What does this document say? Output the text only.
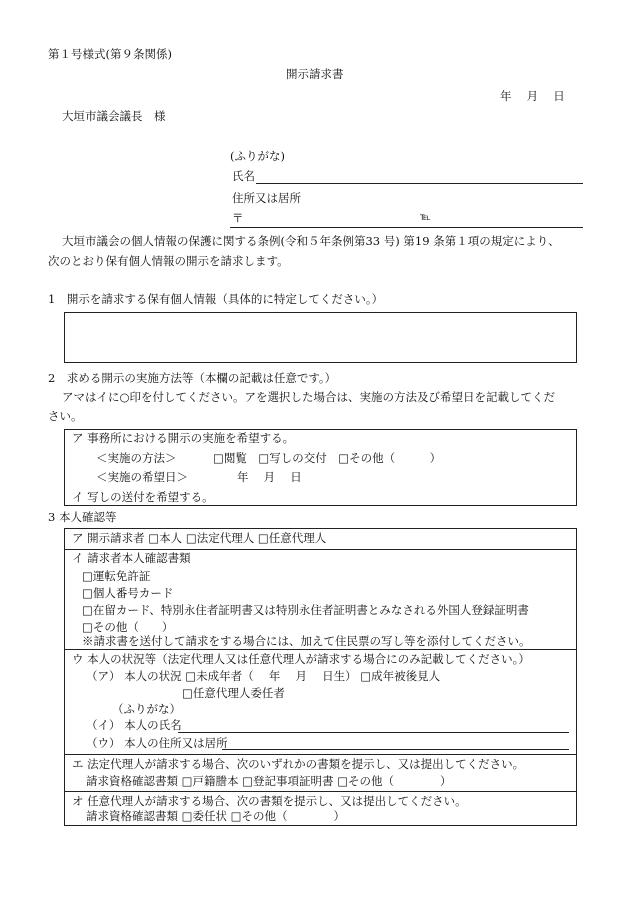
第１号様式(第９条関係)
開示請求書
年　 月　 日
大垣市議会議長　様
(ふりがな)
氏名
住所又は居所
〒	℡
大垣市議会の個人情報の保護に関する条例(令和５年条例第33 号) 第19 条第１項の規定により、
次のとおり保有個人情報の開示を請求します。
1　開示を請求する保有個人情報（具体的に特定してください。）
2　求める開示の実施方法等（本欄の記載は任意です。）
アマはイに○印を付してください。アを選択した場合は、実施の方法及び希望日を記載してくだ
さい。
ア 事務所における開示の実施を希望する。
＜実施の方法＞	□閲覧　□写しの交付　□その他（　　　）
＜実施の希望日＞	年　 月　 日
イ 写しの送付を希望する。
3 本人確認等
ア 開示請求者 □本人 □法定代理人 □任意代理人
イ 請求者本人確認書類
□運転免許証
□個人番号カード
□在留カード、特別永住者証明書又は特別永住者証明書とみなされる外国人登録証明書
□その他（　　）
※請求書を送付して請求をする場合には、加えて住民票の写し等を添付してください。
ウ 本人の状況等（法定代理人又は任意代理人が請求する場合にのみ記載してください。）
（ア） 本人の状況 □未成年者（　 年　 月　 日生） □成年被後見人
□任意代理人委任者
（ふりがな）
（イ） 本人の氏名
（ウ） 本人の住所又は居所
エ 法定代理人が請求する場合、次のいずれかの書類を提示し、又は提出してください。
請求資格確認書類 □戸籍謄本 □登記事項証明書 □その他（　　　　）
オ 任意代理人が請求する場合、次の書類を提示し、又は提出してください。
請求資格確認書類 □委任状 □その他（　　　　）
